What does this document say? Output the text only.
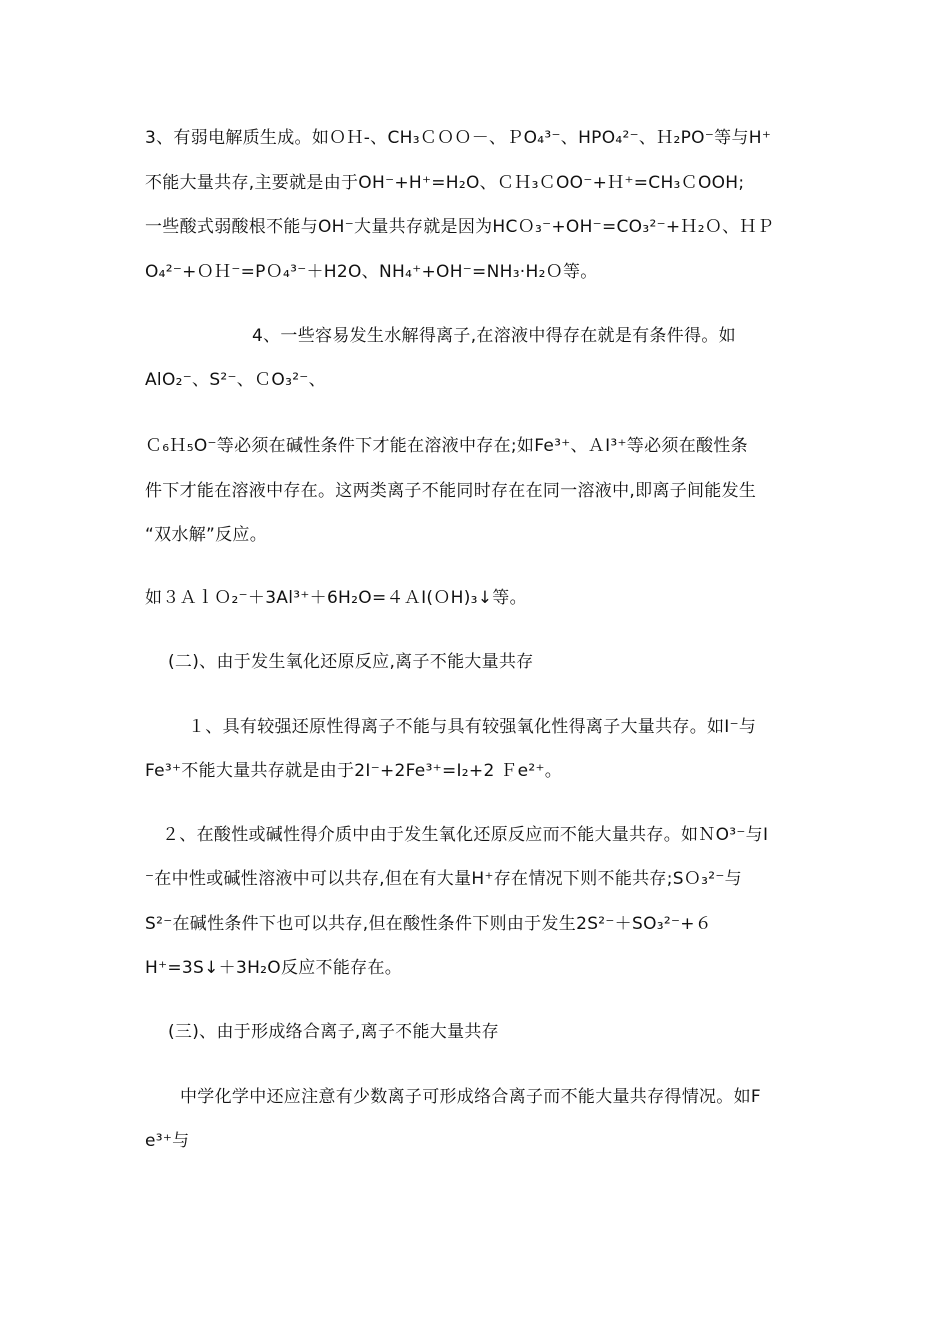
3、有弱电解质生成。如ＯＨ-、CH₃ＣＯＯ－、ＰO₄³⁻、HPO₄²⁻、Ｈ₂PO⁻等与H⁺
不能大量共存,主要就是由于OH⁻+H⁺=H₂O、ＣＨ₃ＣOO⁻+Ｈ⁺=CH₃ＣOOH;
一些酸式弱酸根不能与OH⁻大量共存就是因为HCＯ₃⁻+OH⁻=CO₃²⁻+Ｈ₂Ｏ、ＨＰ
O₄²⁻+ＯＨ⁻=PＯ₄³⁻＋H2O、NH₄⁺+OH⁻=NH₃·H₂Ｏ等。
4、一些容易发生水解得离子,在溶液中得存在就是有条件得。如
AlO₂⁻、S²⁻、ＣO₃²⁻、
Ｃ₆Ｈ₅O⁻等必须在碱性条件下才能在溶液中存在;如Fe³⁺、ＡI³⁺等必须在酸性条
件下才能在溶液中存在。这两类离子不能同时存在在同一溶液中,即离子间能发生
“双水解”反应。
如３ＡｌＯ₂⁻＋3Al³⁺＋6H₂O=４ＡI(ＯH)₃↓等。
(二)、由于发生氧化还原反应,离子不能大量共存
１、具有较强还原性得离子不能与具有较强氧化性得离子大量共存。如I⁻与
Fe³⁺不能大量共存就是由于2I⁻+2Fe³⁺=I₂+2 Ｆe²⁺。
２、在酸性或碱性得介质中由于发生氧化还原反应而不能大量共存。如ＮO³⁻与I
⁻在中性或碱性溶液中可以共存,但在有大量H⁺存在情况下则不能共存;SＯ₃²⁻与
S²⁻在碱性条件下也可以共存,但在酸性条件下则由于发生2S²⁻＋SO₃²⁻+６
H⁺=3S↓＋3H₂O反应不能存在。
(三)、由于形成络合离子,离子不能大量共存
中学化学中还应注意有少数离子可形成络合离子而不能大量共存得情况。如F
e³⁺与
